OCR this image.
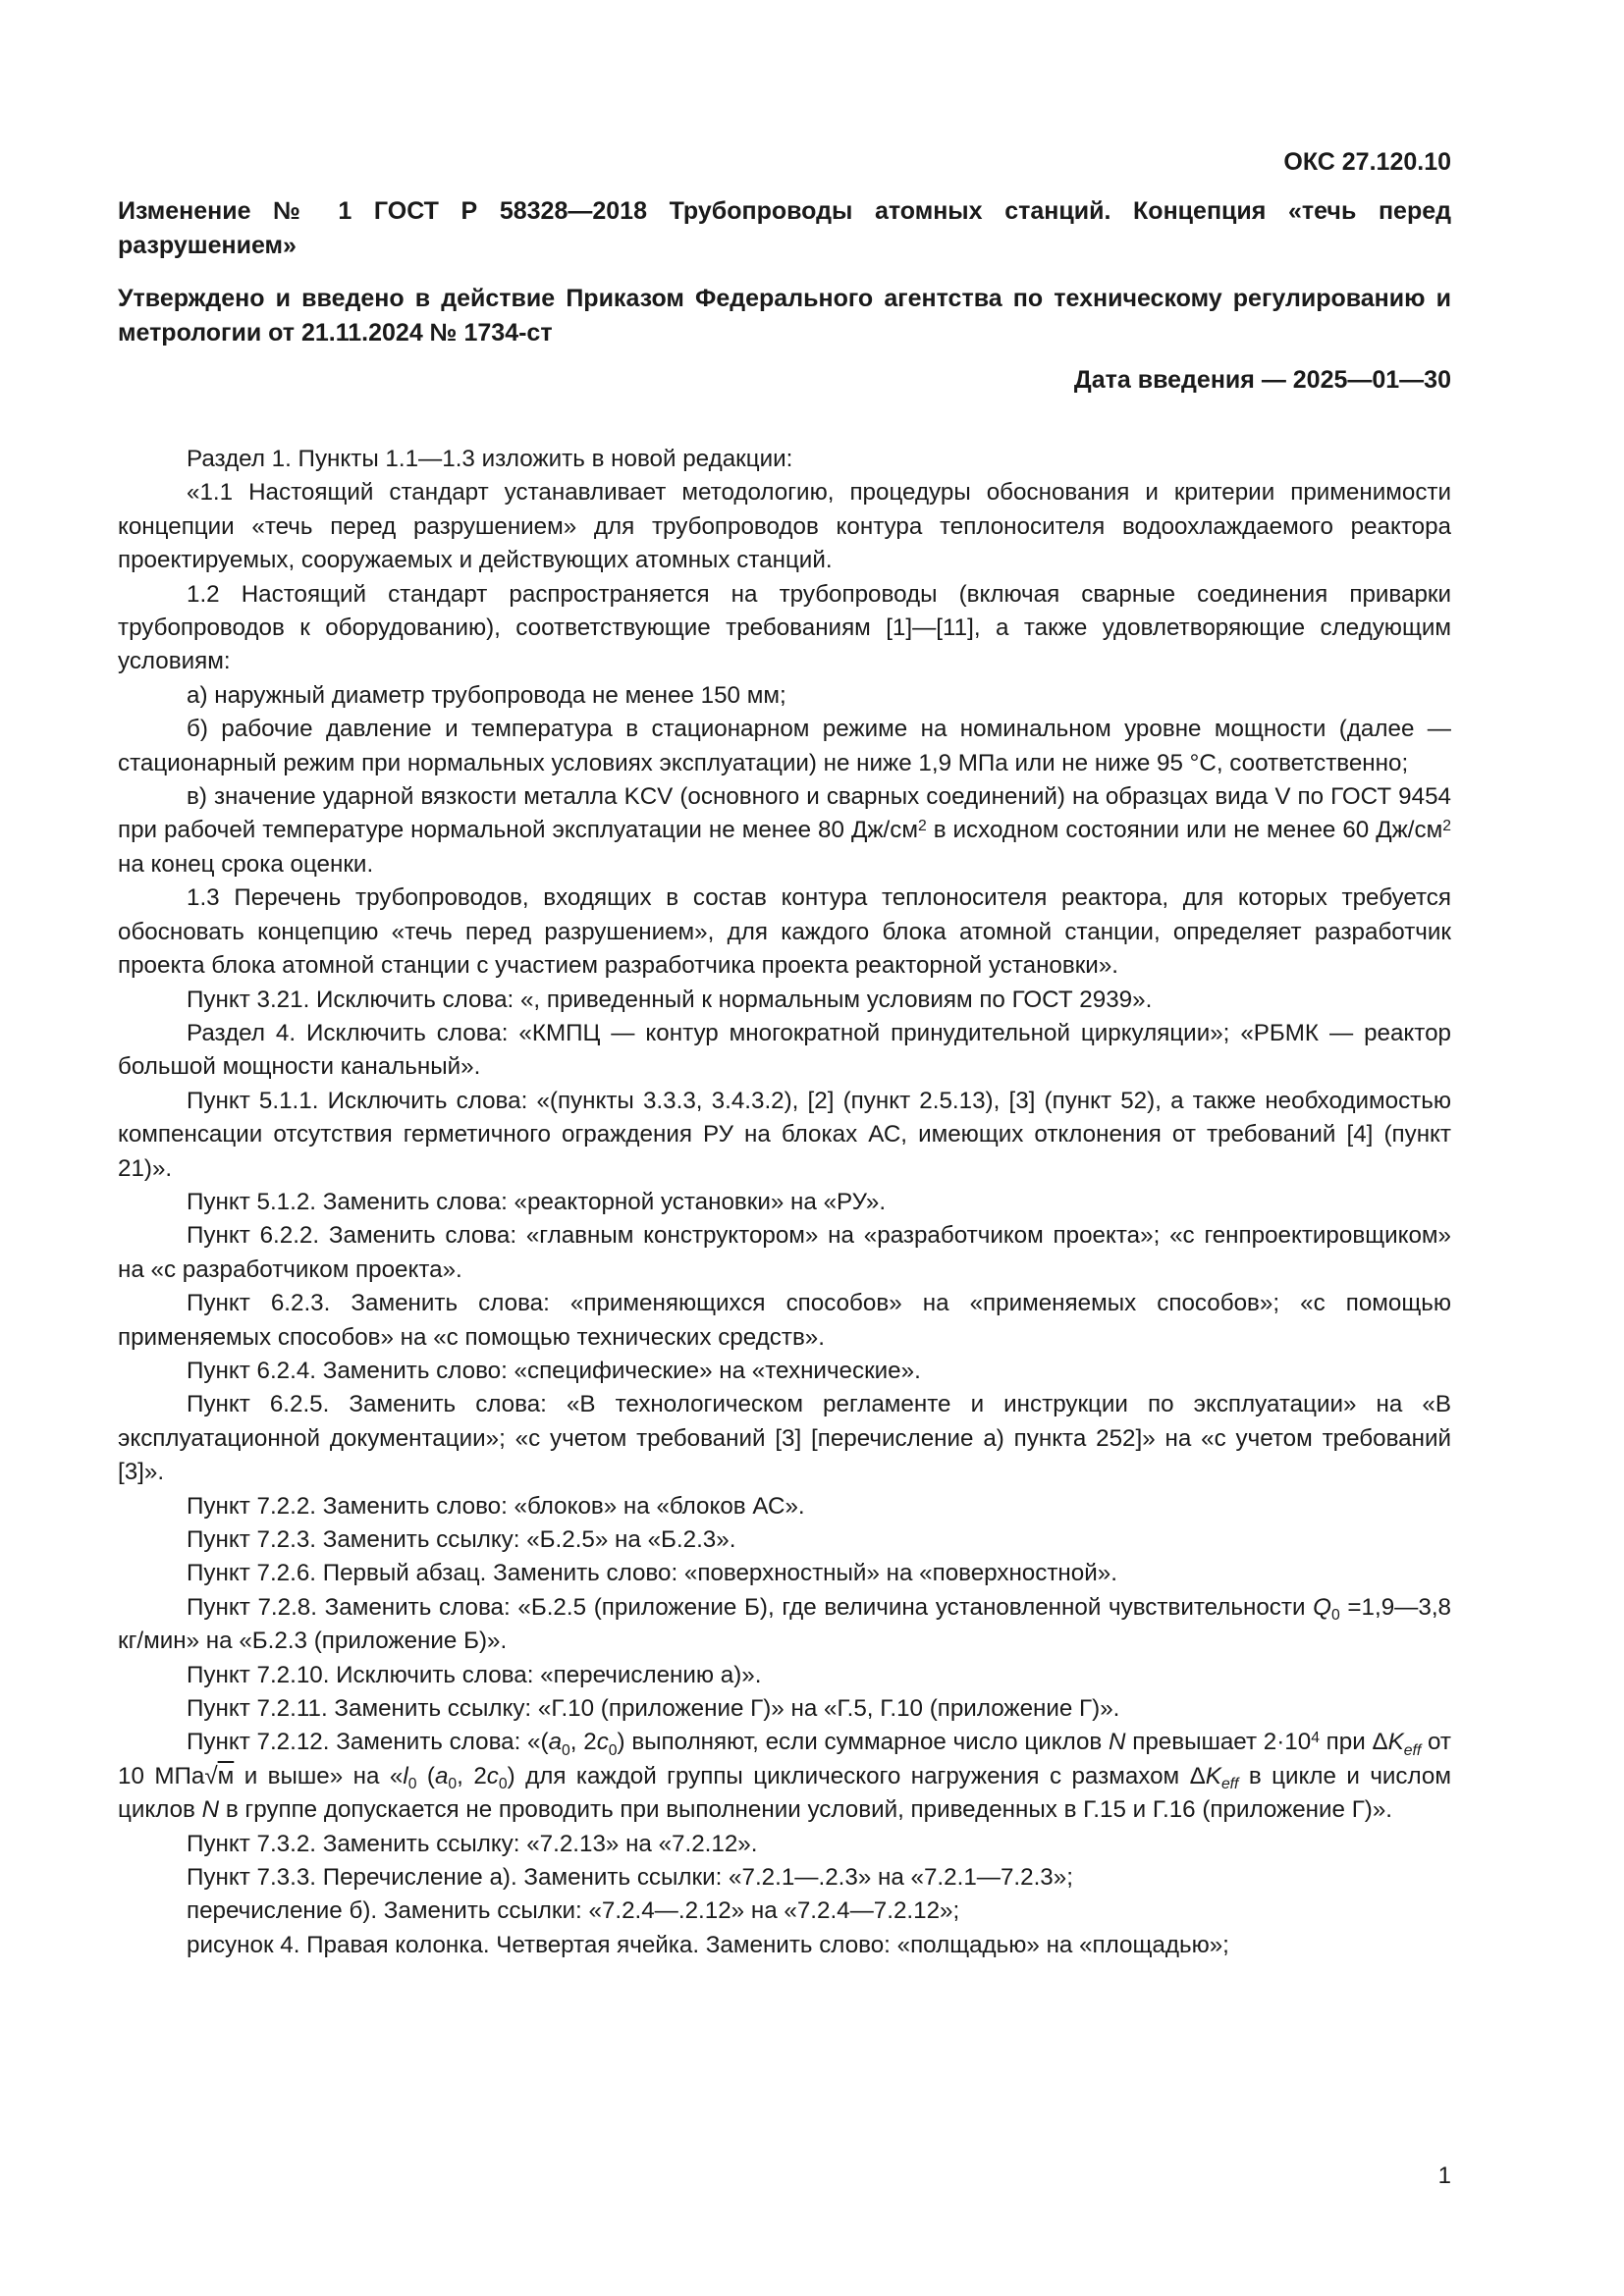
ОКС 27.120.10

Изменение № 1 ГОСТ Р 58328—2018 Трубопроводы атомных станций. Концепция «течь перед разрушением»

Утверждено и введено в действие Приказом Федерального агентства по техническому регулированию и метрологии от 21.11.2024 № 1734-ст

Дата введения — 2025—01—30

Раздел 1. Пункты 1.1—1.3 изложить в новой редакции:

«1.1 Настоящий стандарт устанавливает методологию, процедуры обоснования и критерии применимости концепции «течь перед разрушением» для трубопроводов контура теплоносителя водоохлаждаемого реактора проектируемых, сооружаемых и действующих атомных станций.

1.2 Настоящий стандарт распространяется на трубопроводы (включая сварные соединения приварки трубопроводов к оборудованию), соответствующие требованиям [1]—[11], а также удовлетворяющие следующим условиям:

а) наружный диаметр трубопровода не менее 150 мм;

б) рабочие давление и температура в стационарном режиме на номинальном уровне мощности (далее — стационарный режим при нормальных условиях эксплуатации) не ниже 1,9 МПа или не ниже 95 °С, соответственно;

в) значение ударной вязкости металла KCV (основного и сварных соединений) на образцах вида V по ГОСТ 9454 при рабочей температуре нормальной эксплуатации не менее 80 $Дж/см^2$ в исходном состоянии или не менее 60 $Дж/см^2$ на конец срока оценки.

1.3 Перечень трубопроводов, входящих в состав контура теплоносителя реактора, для которых требуется обосновать концепцию «течь перед разрушением», для каждого блока атомной станции, определяет разработчик проекта блока атомной станции с участием разработчика проекта реакторной установки».

Пункт 3.21. Исключить слова: «, приведенный к нормальным условиям по ГОСТ 2939».

Раздел 4. Исключить слова: «КМПЦ — контур многократной принудительной циркуляции»; «РБМК — реактор большой мощности канальный».

Пункт 5.1.1. Исключить слова: «(пункты 3.3.3, 3.4.3.2), [2] (пункт 2.5.13), [3] (пункт 52), а также необходимостью компенсации отсутствия герметичного ограждения РУ на блоках АС, имеющих отклонения от требований [4] (пункт 21)».

Пункт 5.1.2. Заменить слова: «реакторной установки» на «РУ».

Пункт 6.2.2. Заменить слова: «главным конструктором» на «разработчиком проекта»; «с генпроектировщиком» на «с разработчиком проекта».

Пункт 6.2.3. Заменить слова: «применяющихся способов» на «применяемых способов»; «с помощью применяемых способов» на «с помощью технических средств».

Пункт 6.2.4. Заменить слово: «специфические» на «технические».

Пункт 6.2.5. Заменить слова: «В технологическом регламенте и инструкции по эксплуатации» на «В эксплуатационной документации»; «с учетом требований [3] [перечисление а) пункта 252]» на «с учетом требований [3]».

Пункт 7.2.2. Заменить слово: «блоков» на «блоков АС».

Пункт 7.2.3. Заменить ссылку: «Б.2.5» на «Б.2.3».

Пункт 7.2.6. Первый абзац. Заменить слово: «поверхностный» на «поверхностной».

Пункт 7.2.8. Заменить слова: «Б.2.5 (приложение Б), где величина установленной чувствительности $Q_0$ =1,9—3,8 кг/мин» на «Б.2.3 (приложение Б)».

Пункт 7.2.10. Исключить слова: «перечислению а)».

Пункт 7.2.11. Заменить ссылку: «Г.10 (приложение Г)» на «Г.5, Г.10 (приложение Г)».

Пункт 7.2.12. Заменить слова: «($a_0$, $2c_0$) выполняют, если суммарное число циклов N превышает $2\cdot 10^4$ при $\Delta K_{eff}$ от 10 МПа√м и выше» на «$l_0$ ($a_0$, $2c_0$) для каждой группы циклического нагружения с размахом $\Delta K_{eff}$ в цикле и числом циклов N в группе допускается не проводить при выполнении условий, приведенных в Г.15 и Г.16 (приложение Г)».

Пункт 7.3.2. Заменить ссылку: «7.2.13» на «7.2.12».

Пункт 7.3.3. Перечисление а). Заменить ссылки: «7.2.1—.2.3» на «7.2.1—7.2.3»;

перечисление б). Заменить ссылки: «7.2.4—.2.12» на «7.2.4—7.2.12»;

рисунок 4. Правая колонка. Четвертая ячейка. Заменить слово: «полщадью» на «площадью»;

1
